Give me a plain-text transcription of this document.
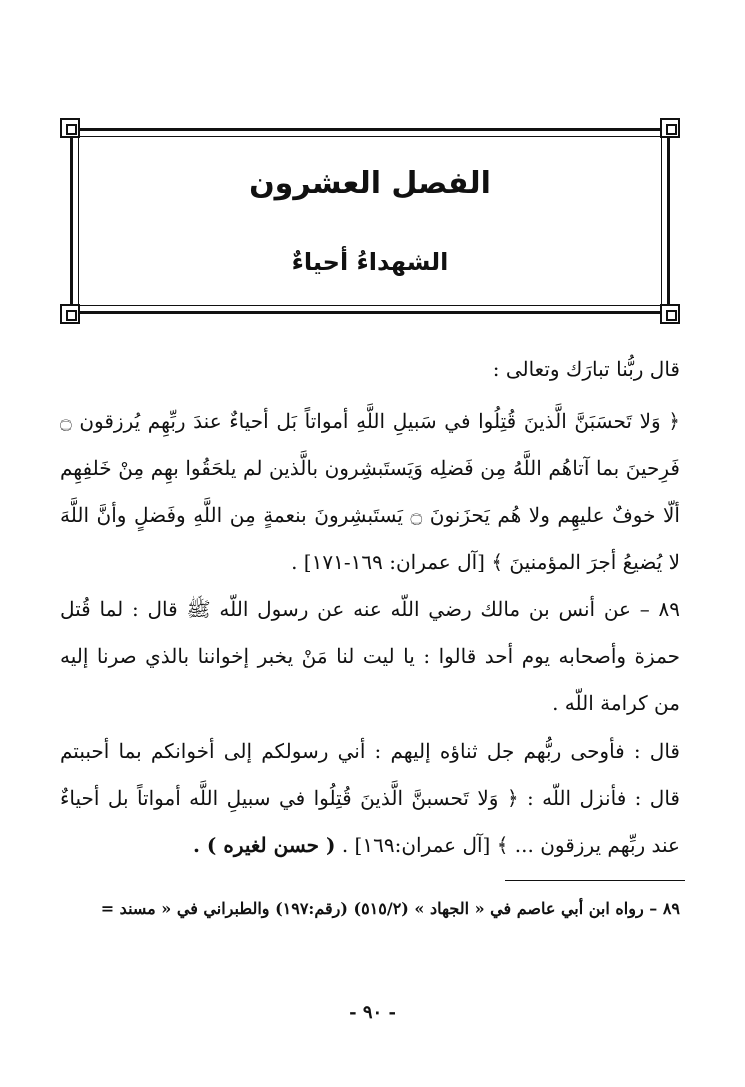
الفصل العشرون
الشهداءُ أحياءٌ
قال ربُّنا تبارَك وتعالى :
﴿ وَلا تَحسَبَنَّ الَّذينَ قُتِلُوا في سَبيلِ اللَّهِ أمواتاً بَل أحياءٌ عندَ ربِّهِم يُرزقون ۝ فَرِحينَ بما آتاهُم اللَّهُ مِن فَضلِه وَيَستَبشِرون بالَّذين لم يلحَقُوا بهِم مِنْ خَلفِهِم ألّا خوفٌ عليهِم ولا هُم يَحزَنونَ ۝ يَستَبشِرونَ بنعمةٍ مِن اللَّهِ وفَضلٍ وأنَّ اللَّهَ لا يُضيعُ أجرَ المؤمنينَ ﴾ [آل عمران: ١٦٩-١٧١] .
٨٩ – عن أنس بن مالك رضي اللّه عنه عن رسول اللّه ﷺ قال : لما قُتل حمزة وأصحابه يوم أحد قالوا : يا ليت لنا مَنْ يخبر إخواننا بالذي صرنا إليه من كرامة اللّه .
قال : فأوحى ربُّهم جل ثناؤه إليهم : أني رسولكم إلى أخوانكم بما أحببتم قال : فأنزل اللّه : ﴿ وَلا تَحسبنَّ الَّذينَ قُتِلُوا في سبيلِ اللَّه أمواتاً بل أحياءٌ عند ربِّهم يرزقون ... ﴾ [آل عمران:١٦٩] . ( حسن لغيره ) .
٨٩ – رواه ابن أبي عاصم في « الجهاد » (٥١٥/٢) (رقم:١٩٧) والطبراني في « مسند =
- ٩٠ -
